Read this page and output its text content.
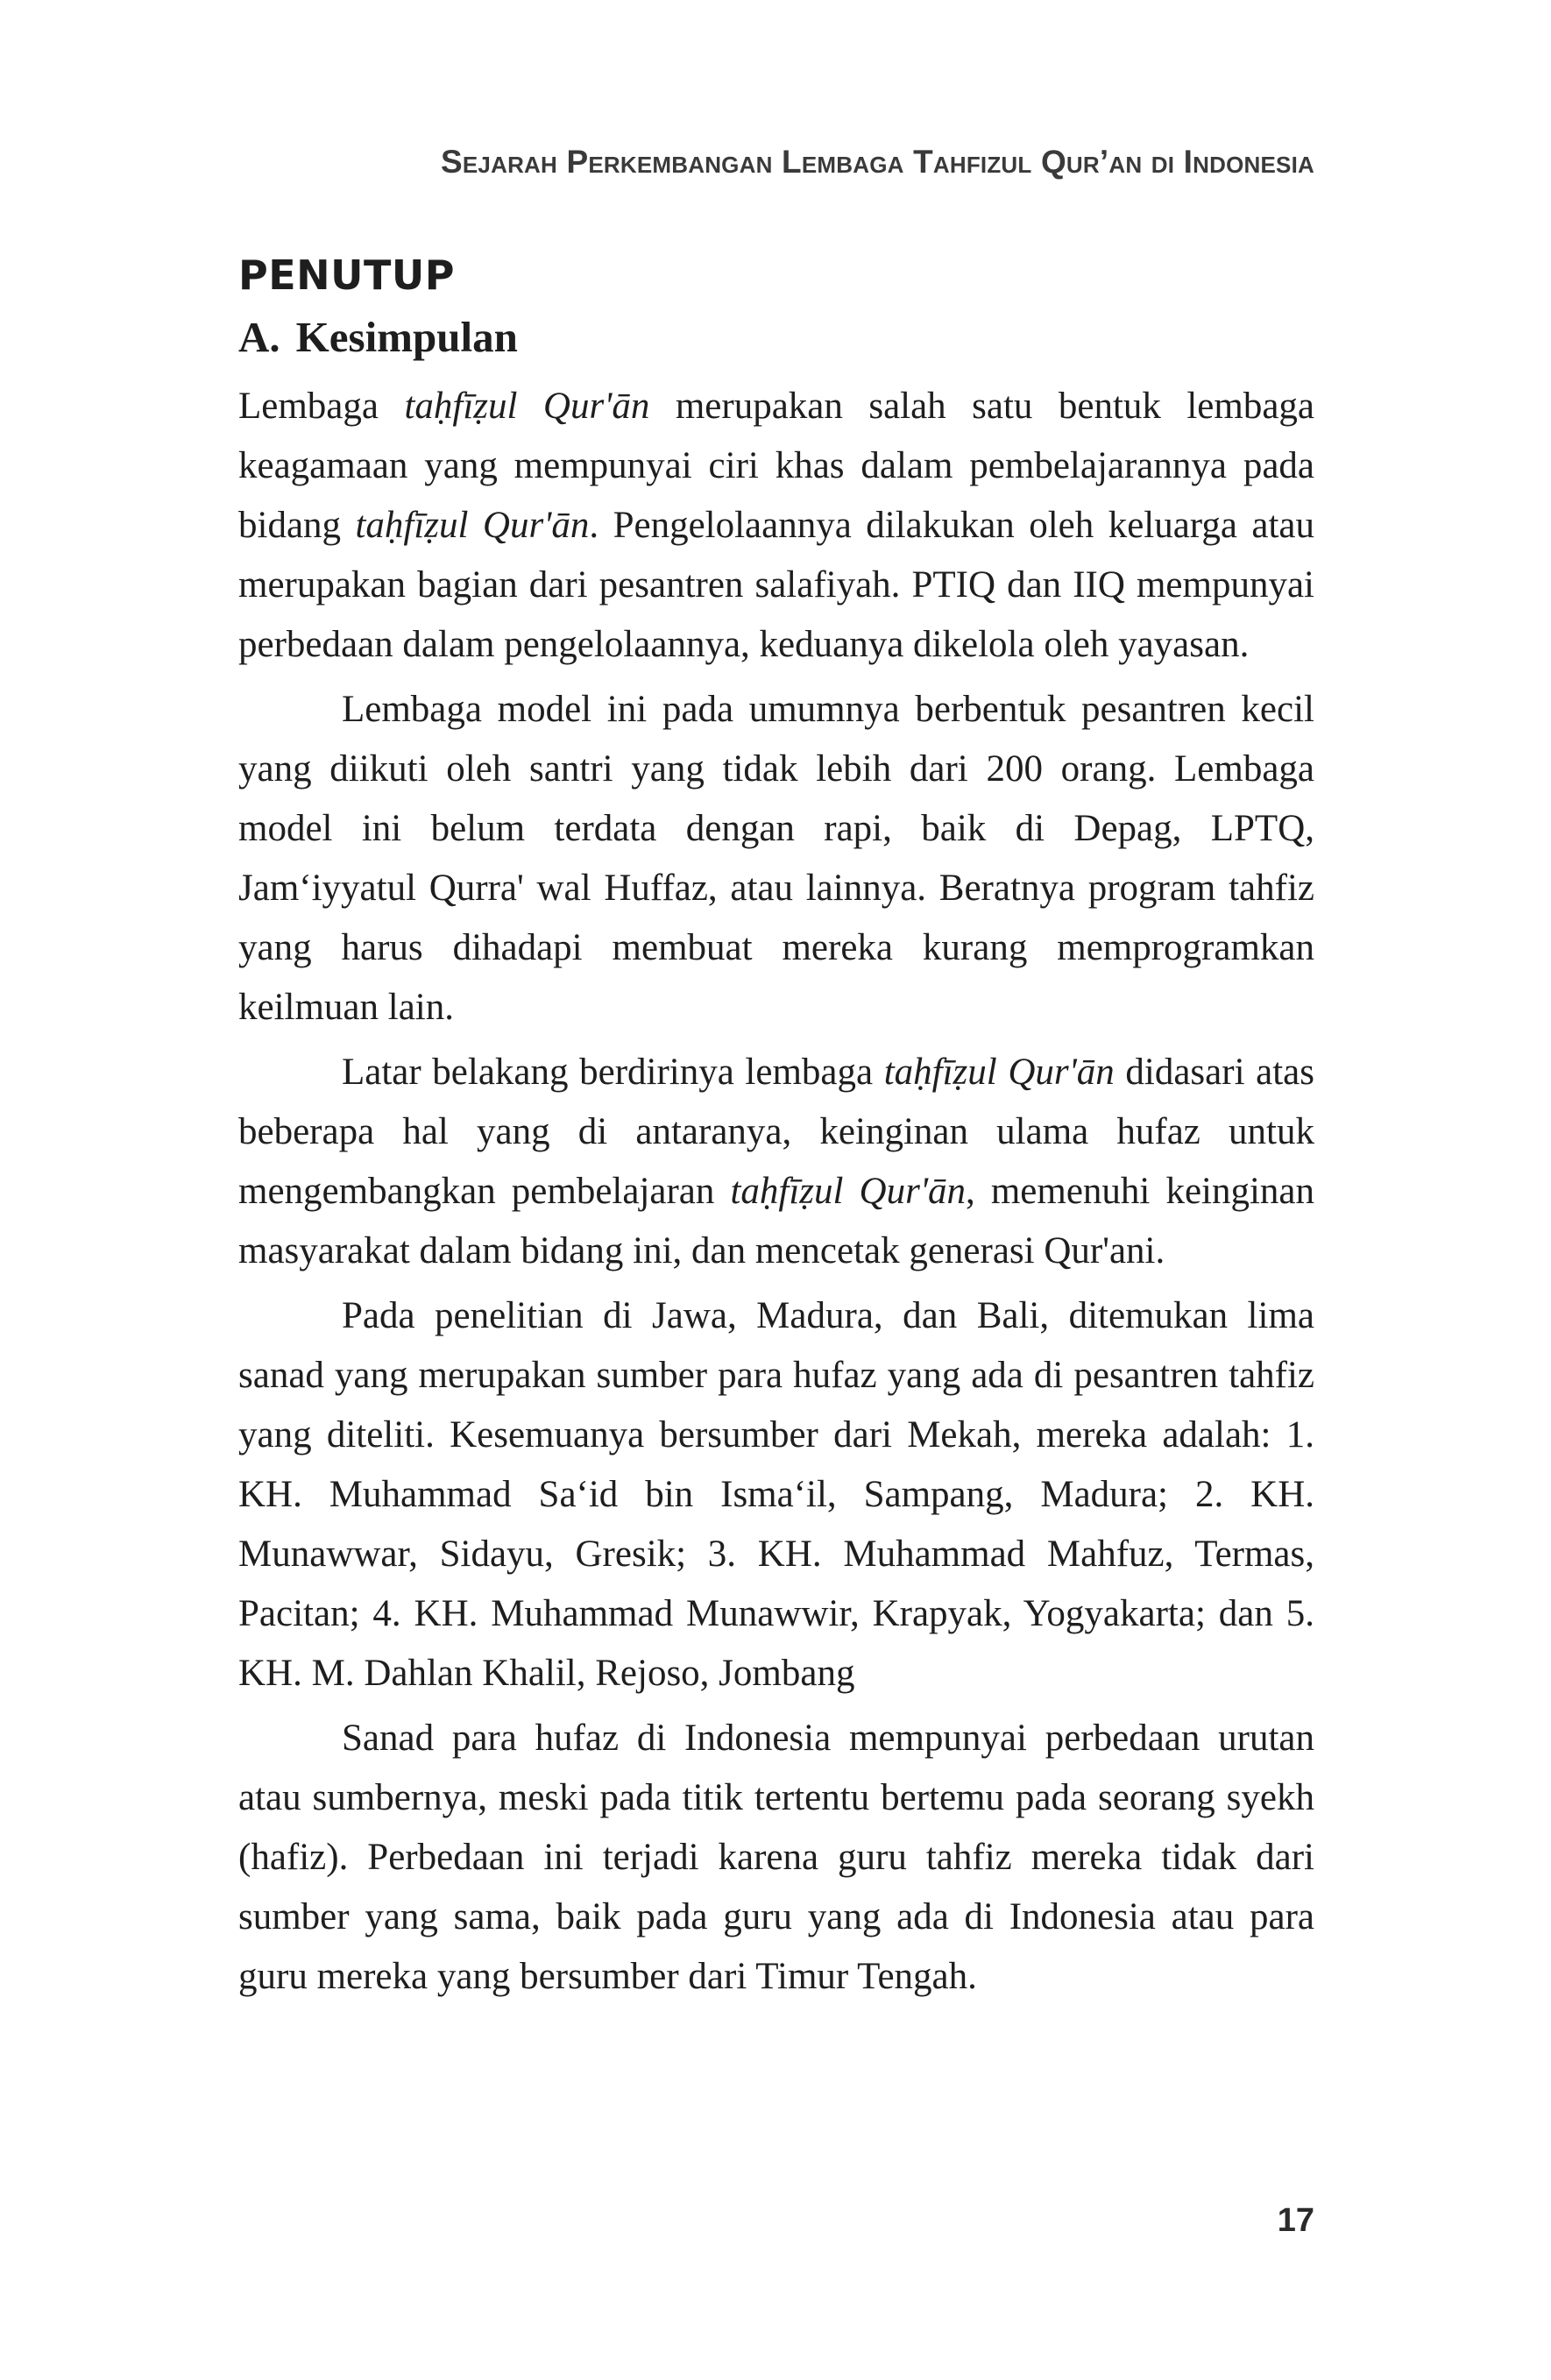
Sejarah Perkembangan Lembaga Tahfizul Qur’an di Indonesia
PENUTUP
A. Kesimpulan

Lembaga taḥfīẓul Qur'ān merupakan salah satu bentuk lembaga keagamaan yang mempunyai ciri khas dalam pembelajarannya pada bidang taḥfīẓul Qur'ān. Pengelolaannya dilakukan oleh keluarga atau merupakan bagian dari pesantren salafiyah. PTIQ dan IIQ mempunyai perbedaan dalam pengelolaannya, keduanya dikelola oleh yayasan.

Lembaga model ini pada umumnya berbentuk pesantren kecil yang diikuti oleh santri yang tidak lebih dari 200 orang. Lembaga model ini belum terdata dengan rapi, baik di Depag, LPTQ, Jam‘iyyatul Qurra' wal Huffaz, atau lainnya. Beratnya program tahfiz yang harus dihadapi membuat mereka kurang memprogramkan keilmuan lain.

Latar belakang berdirinya lembaga taḥfīẓul Qur'ān didasari atas beberapa hal yang di antaranya, keinginan ulama hufaz untuk mengembangkan pembelajaran taḥfīẓul Qur'ān, memenuhi keinginan masyarakat dalam bidang ini, dan mencetak generasi Qur'ani.

Pada penelitian di Jawa, Madura, dan Bali, ditemukan lima sanad yang merupakan sumber para hufaz yang ada di pesantren tahfiz yang diteliti. Kesemuanya bersumber dari Mekah, mereka adalah: 1. KH. Muhammad Sa‘id bin Isma‘il, Sampang, Madura; 2. KH. Munawwar, Sidayu, Gresik; 3. KH. Muhammad Mahfuz, Termas, Pacitan; 4. KH. Muhammad Munawwir, Krapyak, Yogyakarta; dan 5. KH. M. Dahlan Khalil, Rejoso, Jombang

Sanad para hufaz di Indonesia mempunyai perbedaan urutan atau sumbernya, meski pada titik tertentu bertemu pada seorang syekh (hafiz). Perbedaan ini terjadi karena guru tahfiz mereka tidak dari sumber yang sama, baik pada guru yang ada di Indonesia atau para guru mereka yang bersumber dari Timur Tengah.

17
